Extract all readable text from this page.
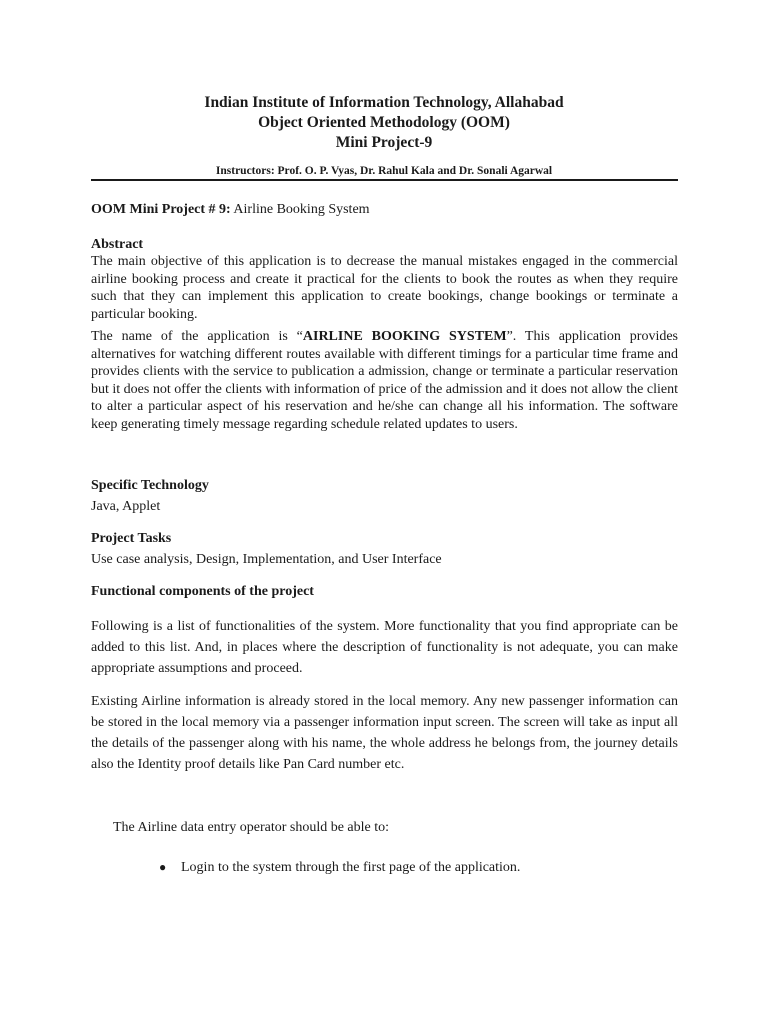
Indian Institute of Information Technology, Allahabad
Object Oriented Methodology (OOM)
Mini Project-9
Instructors: Prof. O. P. Vyas, Dr. Rahul Kala and Dr. Sonali Agarwal

OOM Mini Project # 9: Airline Booking System

Abstract

The main objective of this application is to decrease the manual mistakes engaged in the commercial airline booking process and create it practical for the clients to book the routes as when they require such that they can implement this application to create bookings, change bookings or terminate a particular booking.

The name of the application is “AIRLINE BOOKING SYSTEM”. This application provides alternatives for watching different routes available with different timings for a particular time frame and provides clients with the service to publication a admission, change or terminate a particular reservation but it does not offer the clients with information of price of the admission and it does not allow the client to alter a particular aspect of his reservation and he/she can change all his information. The software keep generating timely message regarding schedule related updates to users.

Specific Technology

Java, Applet

Project Tasks

Use case analysis, Design, Implementation, and User Interface

Functional components of the project

Following is a list of functionalities of the system. More functionality that you find appropriate can be added to this list. And, in places where the description of functionality is not adequate, you can make appropriate assumptions and proceed.

Existing Airline information is already stored in the local memory. Any new passenger information can be stored in the local memory via a passenger information input screen. The screen will take as input all the details of the passenger along with his name, the whole address he belongs from, the journey details also the Identity proof details like Pan Card number etc.

The Airline data entry operator should be able to:

●	Login to the system through the first page of the application.
